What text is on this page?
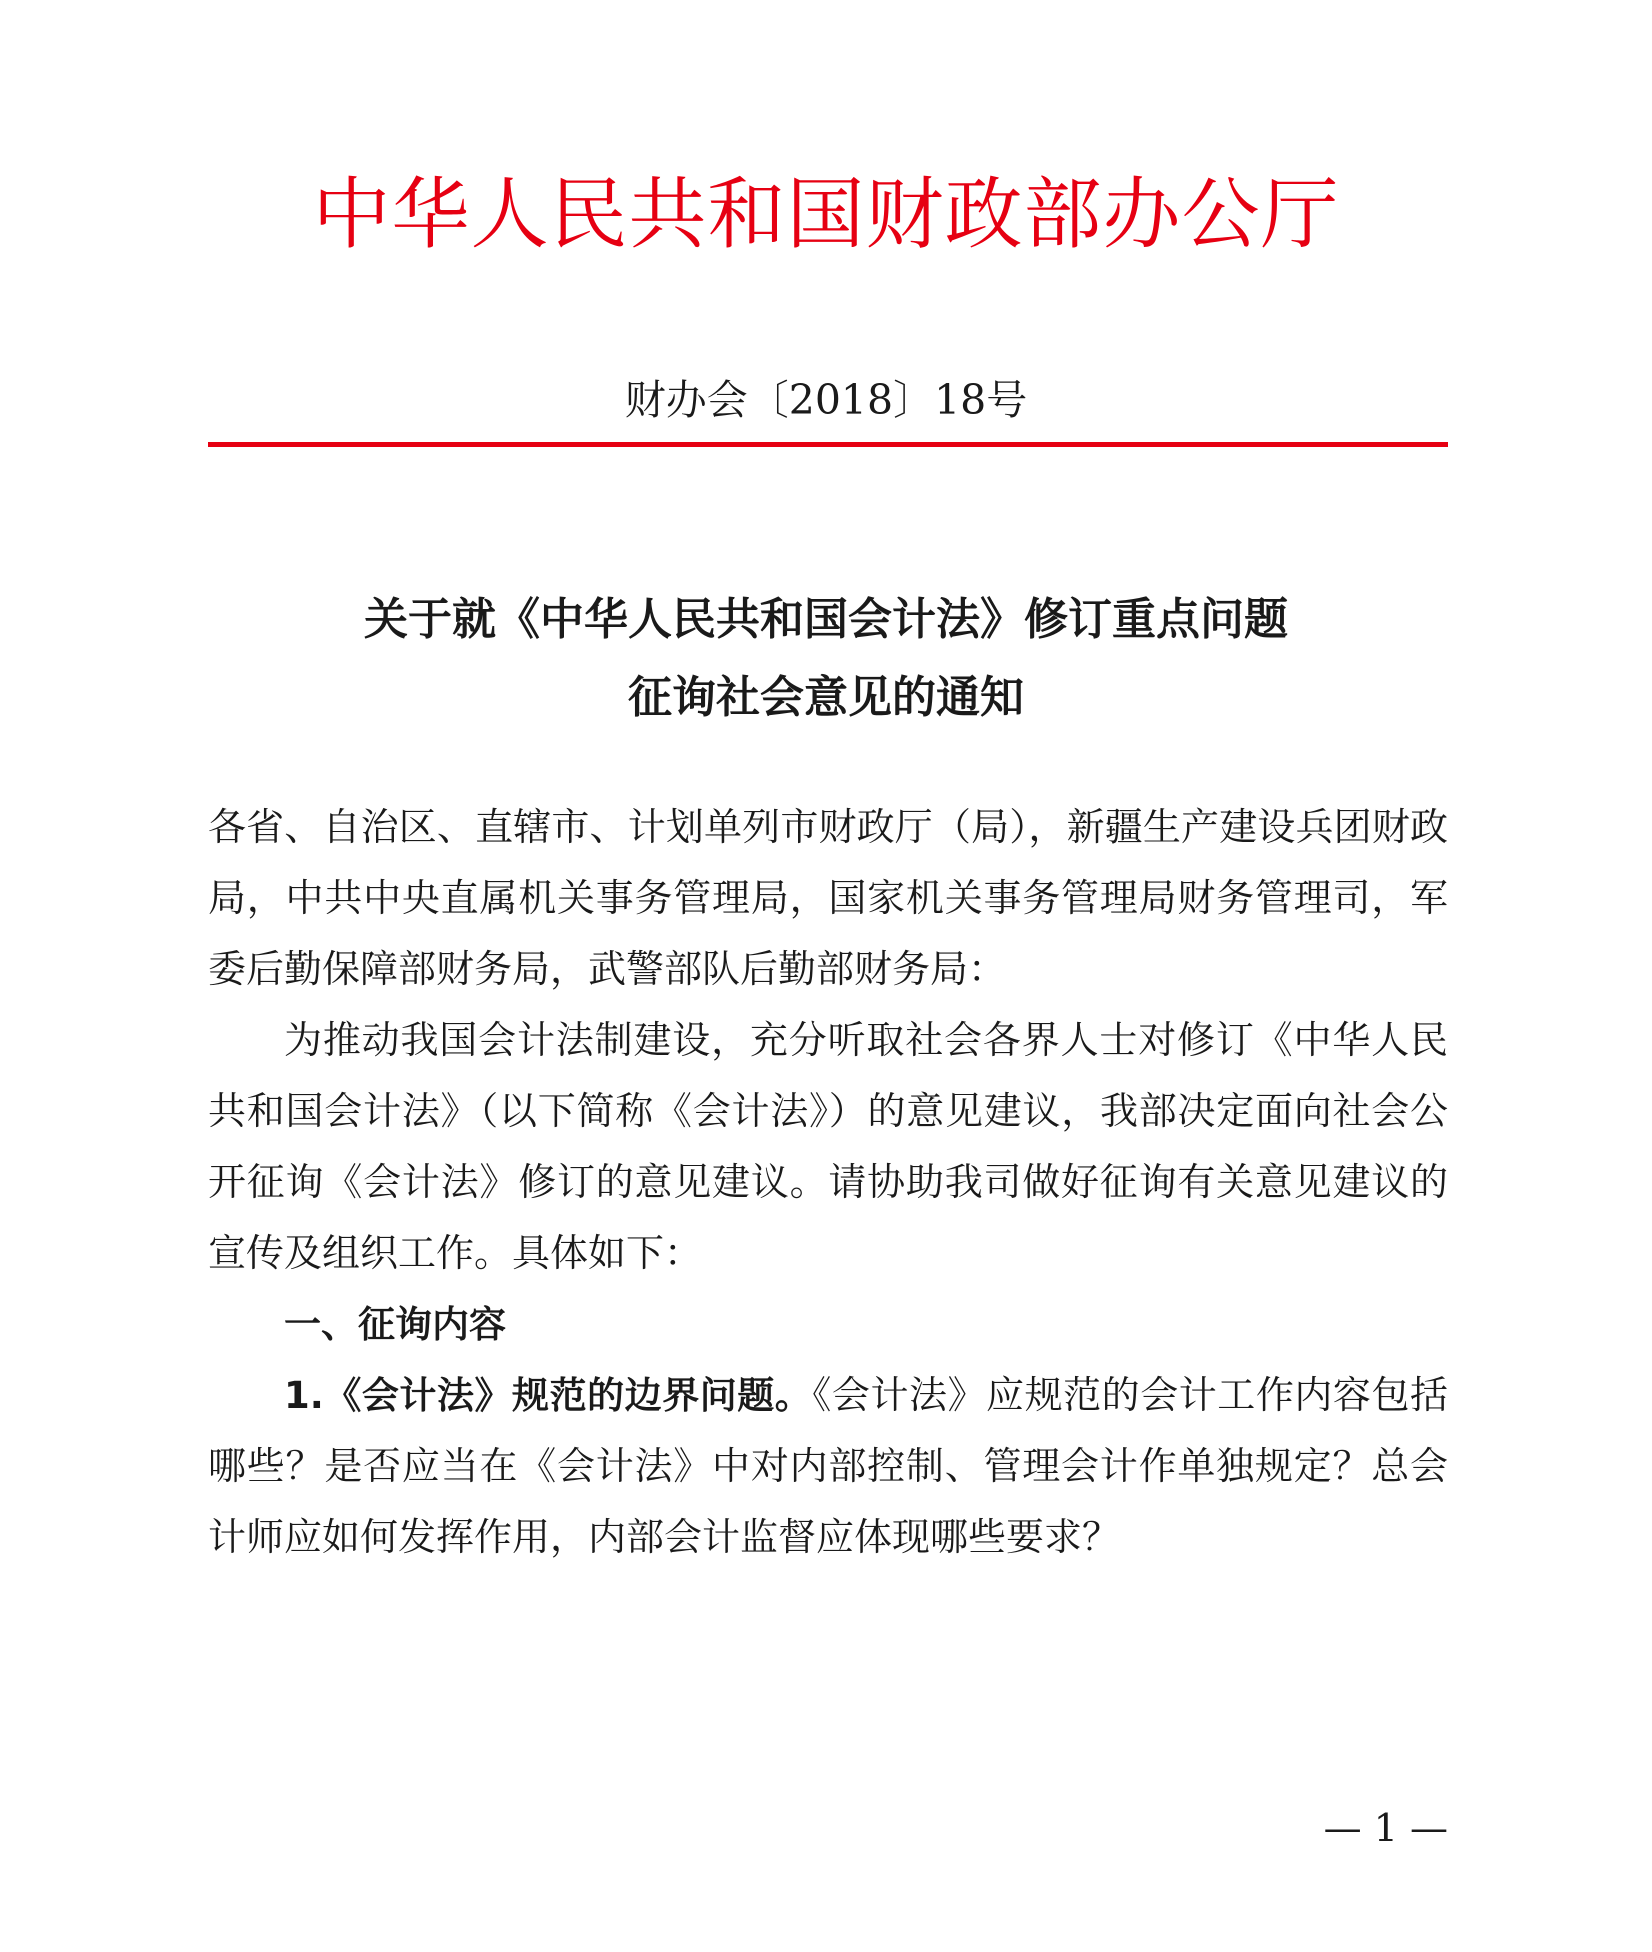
中华人民共和国财政部办公厅
财办会〔2018〕18号
关于就《中华人民共和国会计法》修订重点问题
征询社会意见的通知

各省、自治区、直辖市、计划单列市财政厅（局），新疆生产建设兵团财政局，中共中央直属机关事务管理局，国家机关事务管理局财务管理司，军委后勤保障部财务局，武警部队后勤部财务局：

为推动我国会计法制建设，充分听取社会各界人士对修订《中华人民共和国会计法》（以下简称《会计法》）的意见建议，我部决定面向社会公开征询《会计法》修订的意见建议。请协助我司做好征询有关意见建议的宣传及组织工作。具体如下：

一、征询内容

1.《会计法》规范的边界问题。《会计法》应规范的会计工作内容包括哪些？是否应当在《会计法》中对内部控制、管理会计作单独规定？总会计师应如何发挥作用，内部会计监督应体现哪些要求？

— 1 —
